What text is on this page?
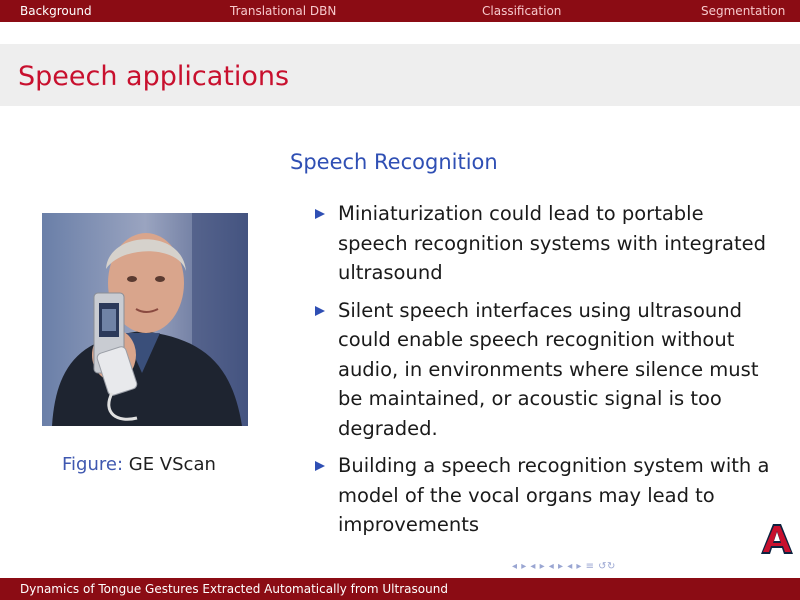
Background	Translational DBN	Classification	Segmentation
Speech applications
Figure: GE VScan
Speech Recognition
Miniaturization could lead to portable speech recognition systems with integrated ultrasound
Silent speech interfaces using ultrasound could enable speech recognition without audio, in environments where silence must be maintained, or acoustic signal is too degraded.
Building a speech recognition system with a model of the vocal organs may lead to improvements
◂ ▸ ◂ ▸ ◂ ▸ ◂ ▸ ≡ ↺↻
Dynamics of Tongue Gestures Extracted Automatically from Ultrasound
